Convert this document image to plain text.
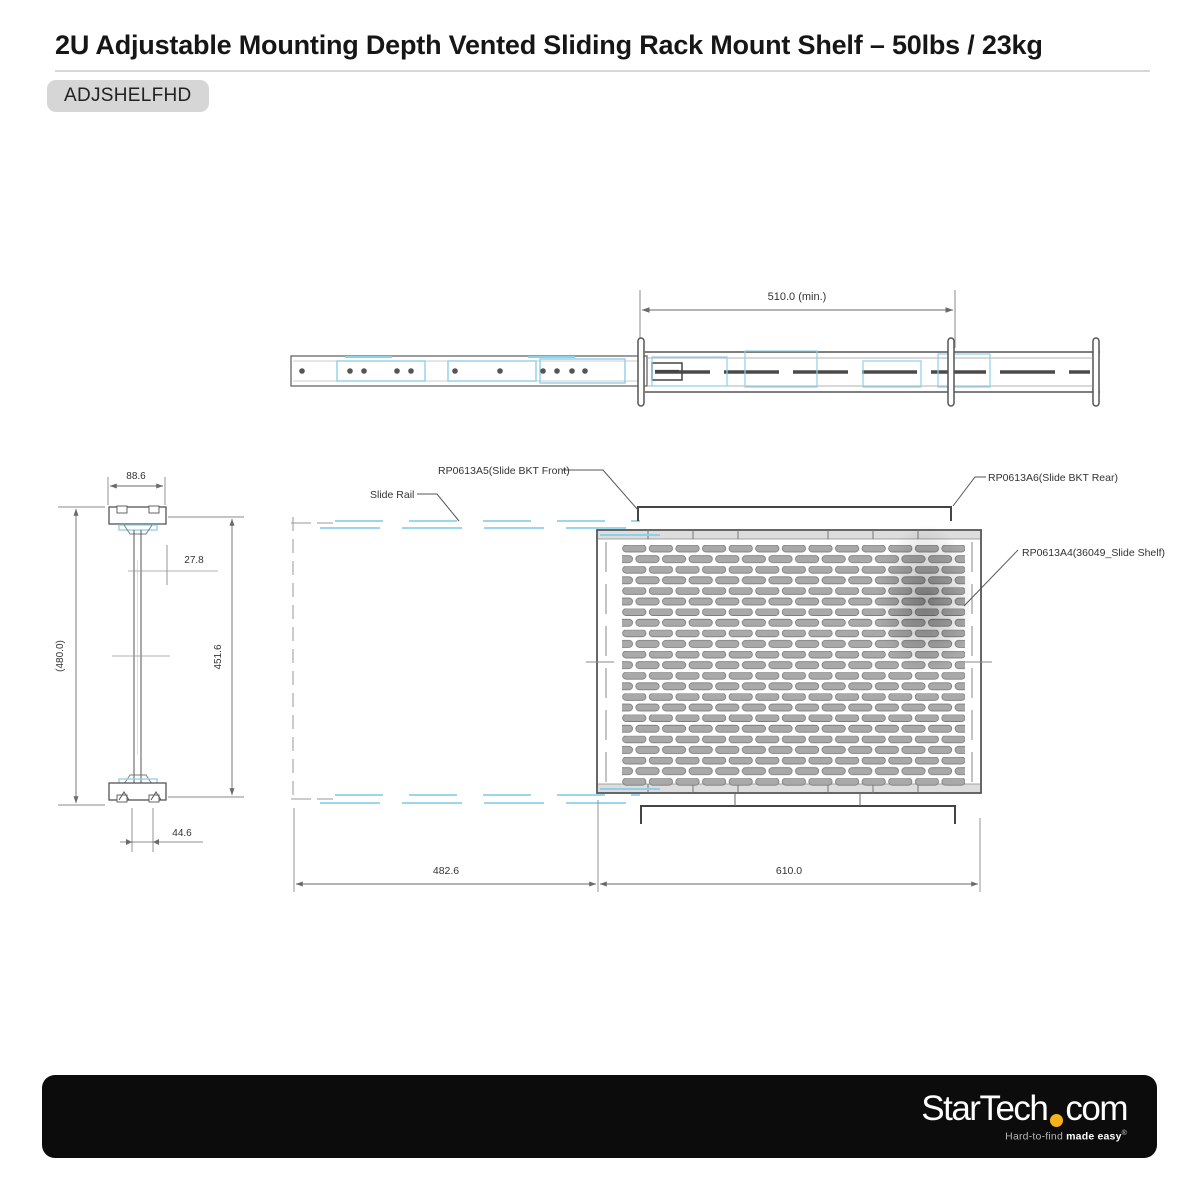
2U Adjustable Mounting Depth Vented Sliding Rack Mount Shelf – 50lbs / 23kg
ADJSHELFHD
510.0 (min.)
88.6
(480.0)	451.6
27.8
44.6
Slide Rail
RP0613A5(Slide BKT Front)
RP0613A6(Slide BKT Rear)
RP0613A4(36049_Slide Shelf)
482.6	610.0
StarTech com
Hard-to-find made easy®
